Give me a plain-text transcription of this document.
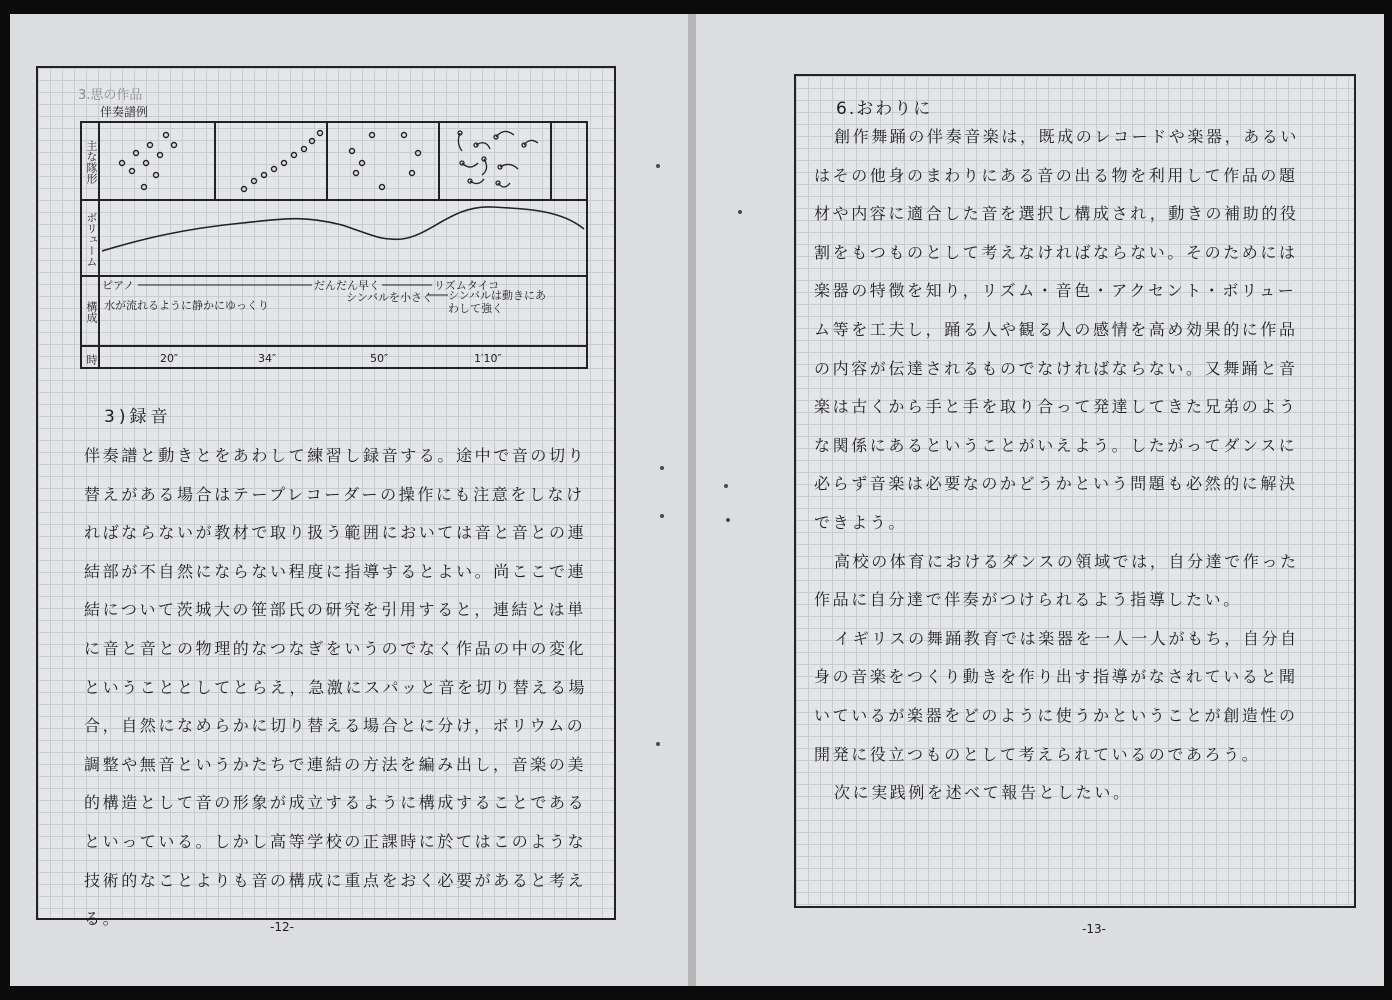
3.思の作品
伴奏譜例
主な隊形
ボリューム
構成
ピアノ
水が流れるように静かにゆっくり
だんだん早く
シンバルを小さく
リズムタイコ
シンバルは動きにあわして強く
時	20″	34″	50″	1′10″
3)録音
伴奏譜と動きとをあわして練習し録音する。途中で音の切り替えがある場合はテープレコーダーの操作にも注意をしなければならないが教材で取り扱う範囲においては音と音との連結部が不自然にならない程度に指導するとよい。尚ここで連結について茨城大の笹部氏の研究を引用すると，連結とは単に音と音との物理的なつなぎをいうのでなく作品の中の変化ということとしてとらえ，急激にスパッと音を切り替える場合，自然になめらかに切り替える場合とに分け，ボリウムの調整や無音というかたちで連結の方法を編み出し，音楽の美的構造として音の形象が成立するように構成することであるといっている。しかし高等学校の正課時に於てはこのような技術的なことよりも音の構成に重点をおく必要があると考える。	-12-
6.おわりに

創作舞踊の伴奏音楽は，既成のレコードや楽器，あるいはその他身のまわりにある音の出る物を利用して作品の題材や内容に適合した音を選択し構成され，動きの補助的役割をもつものとして考えなければならない。そのためには楽器の特徴を知り，リズム・音色・アクセント・ボリューム等を工夫し，踊る人や観る人の感情を高め効果的に作品の内容が伝達されるものでなければならない。又舞踊と音楽は古くから手と手を取り合って発達してきた兄弟のような関係にあるということがいえよう。したがってダンスに必らず音楽は必要なのかどうかという問題も必然的に解決できよう。

高校の体育におけるダンスの領域では，自分達で作った作品に自分達で伴奏がつけられるよう指導したい。

イギリスの舞踊教育では楽器を一人一人がもち，自分自身の音楽をつくり動きを作り出す指導がなされていると聞いているが楽器をどのように使うかということが創造性の開発に役立つものとして考えられているのであろう。

次に実践例を述べて報告としたい。

-13-
